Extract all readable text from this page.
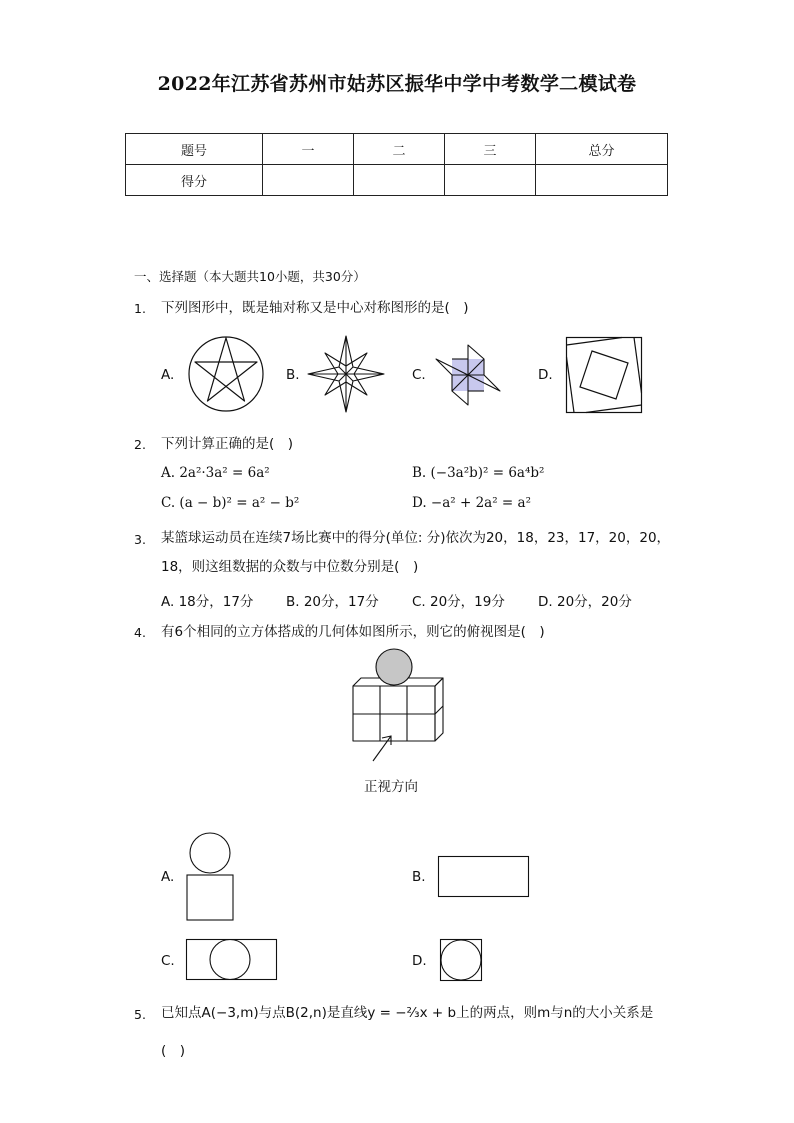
2022年江苏省苏州市姑苏区振华中学中考数学二模试卷
题号	一	二	三	总分
得分				
一、选择题（本大题共10小题，共30分）
1. 下列图形中，既是轴对称又是中心对称图形的是(　)
A.	B.	C.	D.
2. 下列计算正确的是(　)
A. 2a²·3a² = 6a²	B. (−3a²b)² = 6a⁴b²
C. (a − b)² = a² − b²	D. −a² + 2a² = a²
3. 某篮球运动员在连续7场比赛中的得分(单位: 分)依次为20，18，23，17，20，20，
18，则这组数据的众数与中位数分别是(　)
A. 18分，17分 B. 20分，17分 C. 20分，19分 D. 20分，20分
4. 有6个相同的立方体搭成的几何体如图所示，则它的俯视图是(　)
正视方向
A.	B.
C.	D.
5. 已知点A(−3,m)与点B(2,n)是直线y = −⅔x + b上的两点，则m与n的大小关系是
(　)
